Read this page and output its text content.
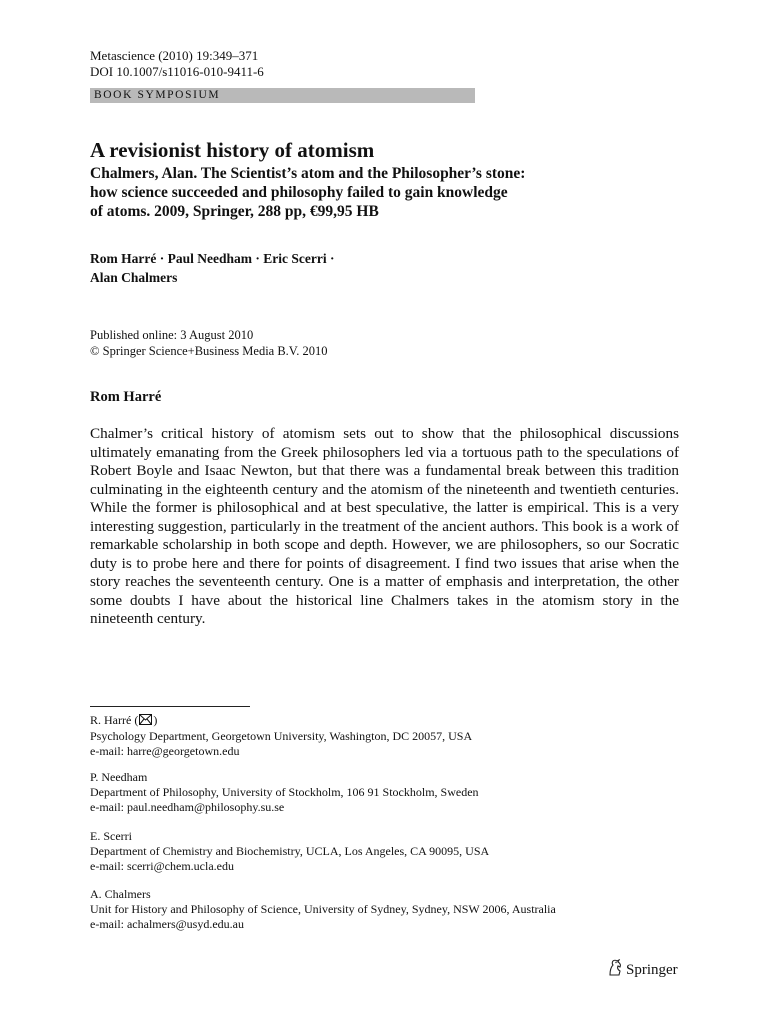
Metascience (2010) 19:349–371
DOI 10.1007/s11016-010-9411-6
BOOK SYMPOSIUM
A revisionist history of atomism
Chalmers, Alan. The Scientist’s atom and the Philosopher’s stone:
how science succeeded and philosophy failed to gain knowledge
of atoms. 2009, Springer, 288 pp, €99,95 HB
Rom Harré · Paul Needham · Eric Scerri ·
Alan Chalmers
Published online: 3 August 2010
© Springer Science+Business Media B.V. 2010
Rom Harré
Chalmer’s critical history of atomism sets out to show that the philosophical discussions ultimately emanating from the Greek philosophers led via a tortuous path to the speculations of Robert Boyle and Isaac Newton, but that there was a fundamental break between this tradition culminating in the eighteenth century and the atomism of the nineteenth and twentieth centuries. While the former is philosophical and at best speculative, the latter is empirical. This is a very interesting suggestion, particularly in the treatment of the ancient authors. This book is a work of remarkable scholarship in both scope and depth. However, we are philosophers, so our Socratic duty is to probe here and there for points of disagreement. I find two issues that arise when the story reaches the seventeenth century. One is a matter of emphasis and interpretation, the other some doubts I have about the historical line Chalmers takes in the atomism story in the nineteenth century.
R. Harré ( )
Psychology Department, Georgetown University, Washington, DC 20057, USA
e-mail: harre@georgetown.edu
P. Needham
Department of Philosophy, University of Stockholm, 106 91 Stockholm, Sweden
e-mail: paul.needham@philosophy.su.se
E. Scerri
Department of Chemistry and Biochemistry, UCLA, Los Angeles, CA 90095, USA
e-mail: scerri@chem.ucla.edu
A. Chalmers
Unit for History and Philosophy of Science, University of Sydney, Sydney, NSW 2006, Australia
e-mail: achalmers@usyd.edu.au
Springer
